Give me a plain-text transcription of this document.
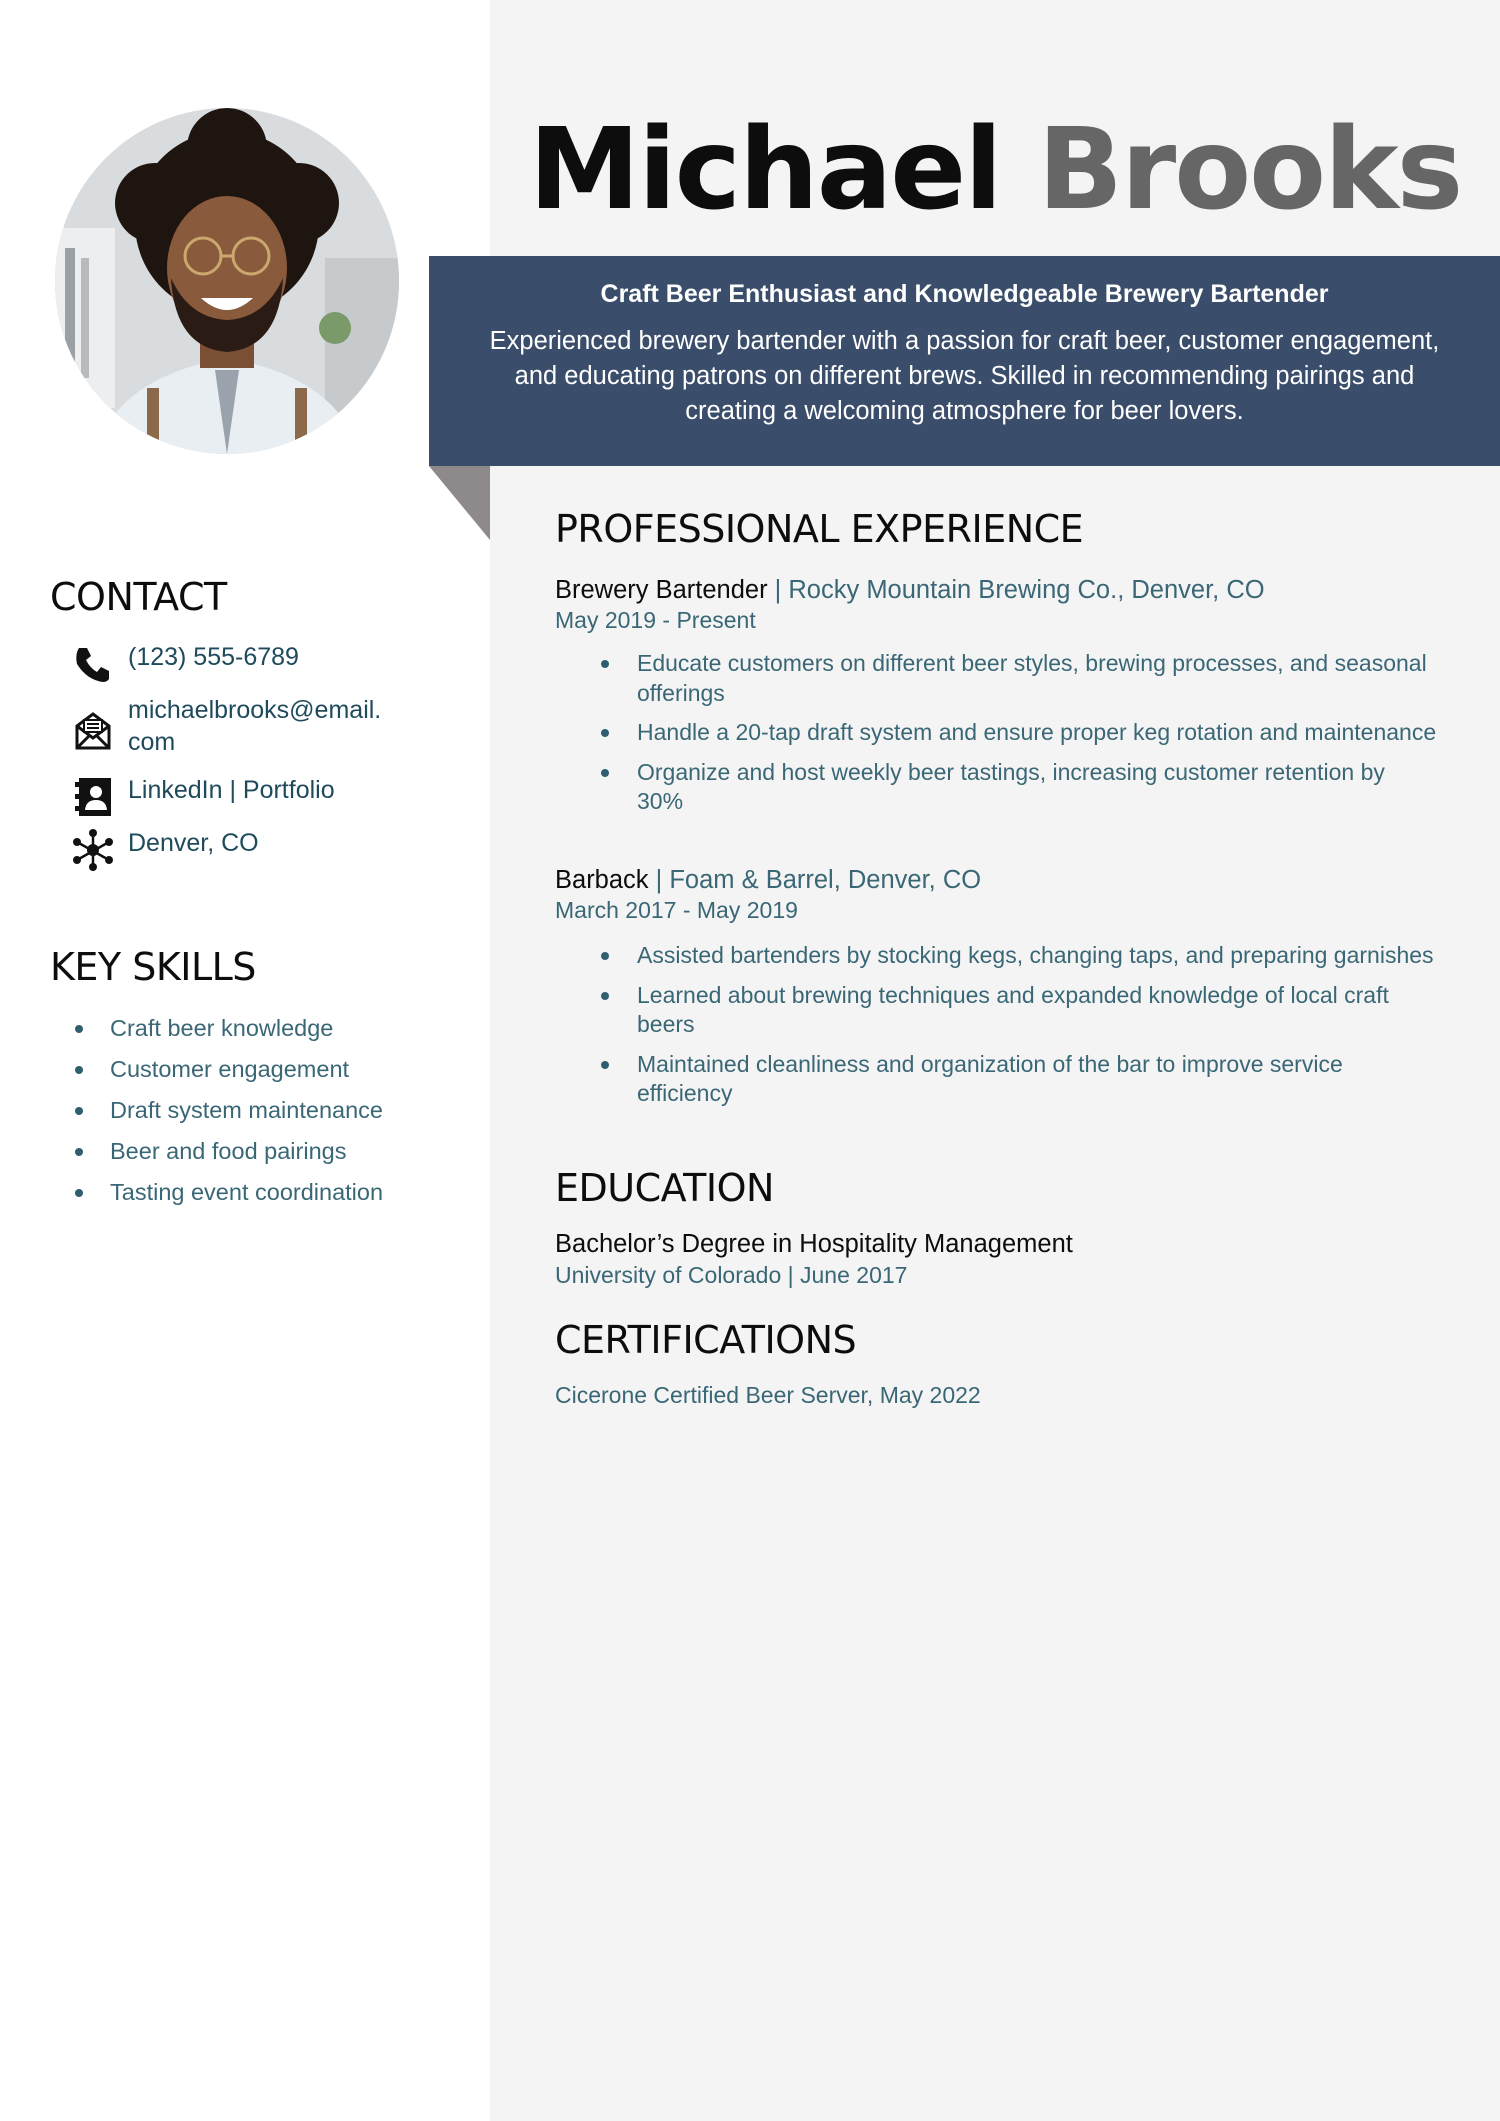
Michael Brooks
Craft Beer Enthusiast and Knowledgeable Brewery Bartender
Experienced brewery bartender with a passion for craft beer, customer engagement, and educating patrons on different brews. Skilled in recommending pairings and creating a welcoming atmosphere for beer lovers.
CONTACT
(123) 555-6789
michaelbrooks@email.
com
LinkedIn | Portfolio
Denver, CO
KEY SKILLS
Craft beer knowledge
Customer engagement
Draft system maintenance
Beer and food pairings
Tasting event coordination
PROFESSIONAL EXPERIENCE
Brewery Bartender | Rocky Mountain Brewing Co., Denver, CO
May 2019 - Present
Educate customers on different beer styles, brewing processes, and seasonal offerings
Handle a 20-tap draft system and ensure proper keg rotation and maintenance
Organize and host weekly beer tastings, increasing customer retention by 30%
Barback | Foam & Barrel, Denver, CO
March 2017 - May 2019
Assisted bartenders by stocking kegs, changing taps, and preparing garnishes
Learned about brewing techniques and expanded knowledge of local craft beers
Maintained cleanliness and organization of the bar to improve service efficiency
EDUCATION
Bachelor’s Degree in Hospitality Management
University of Colorado | June 2017
CERTIFICATIONS
Cicerone Certified Beer Server, May 2022
